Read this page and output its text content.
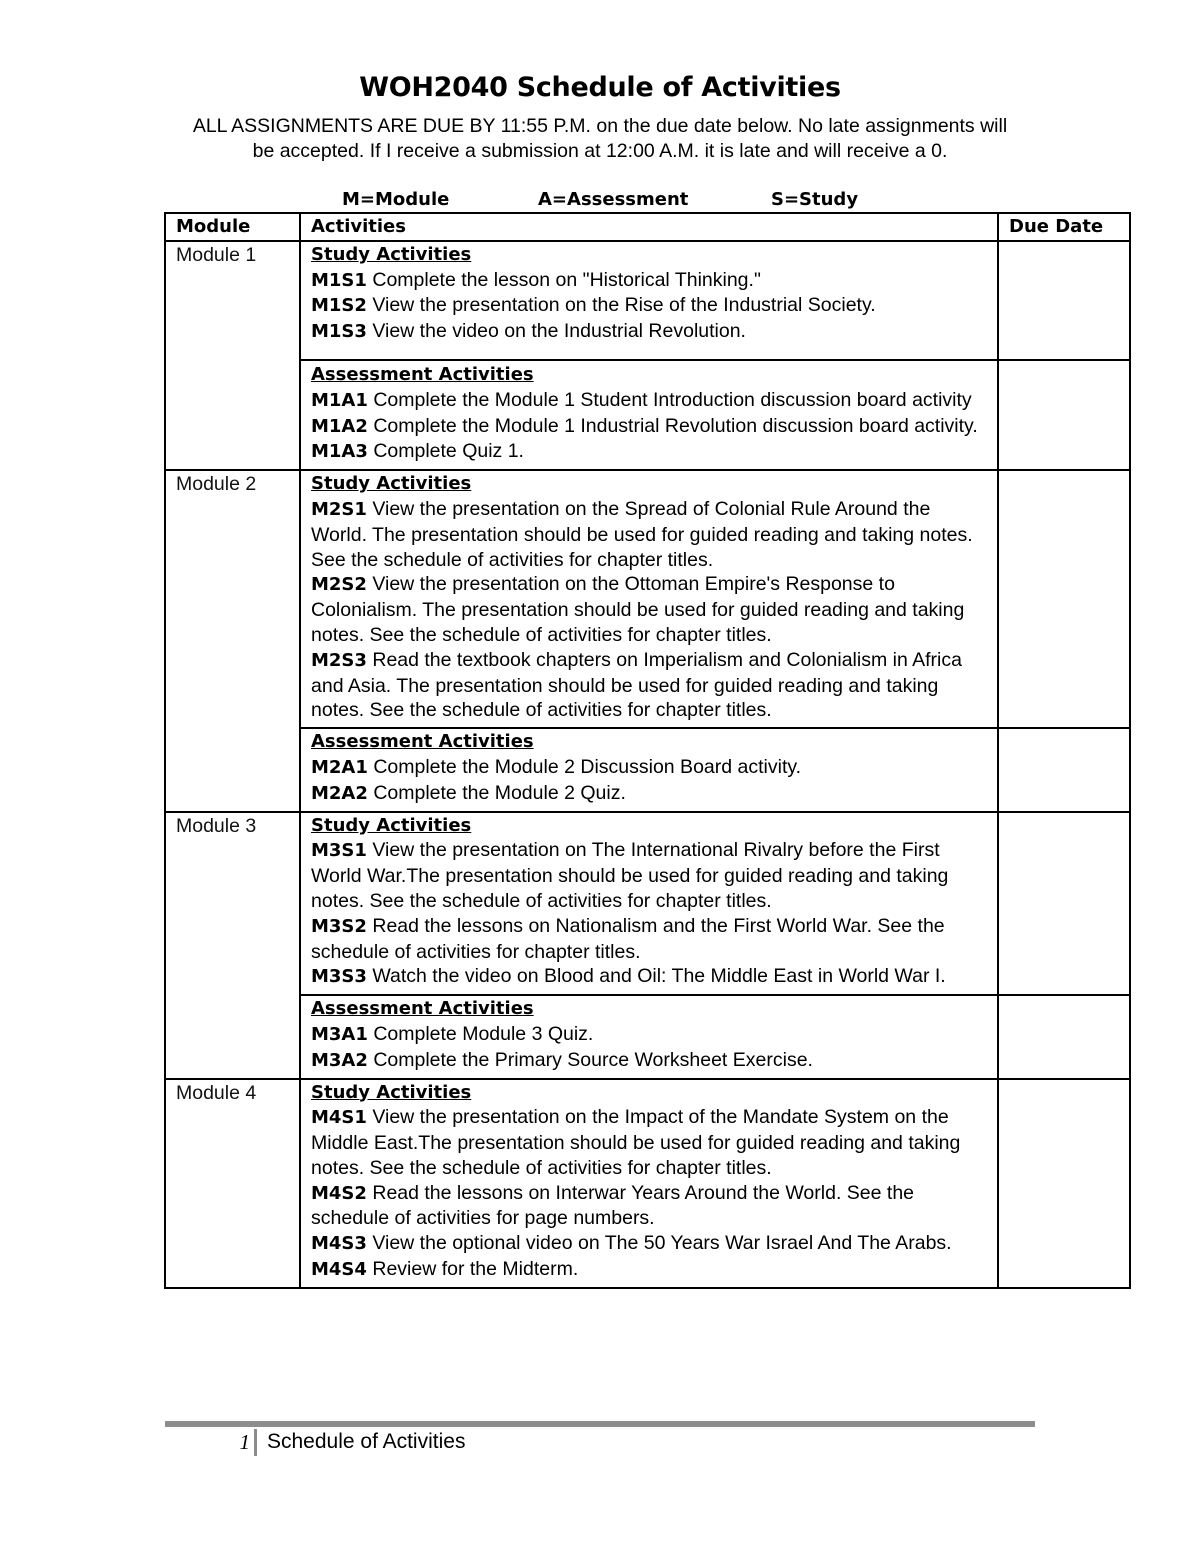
WOH2040 Schedule of Activities
ALL ASSIGNMENTS ARE DUE BY 11:55 P.M. on the due date below. No late assignments will be accepted. If I receive a submission at 12:00 A.M. it is late and will receive a 0.
M=Module	A=Assessment	S=Study
Module	Activities	Due Date
Module 1	Study Activities
M1S1 Complete the lesson on "Historical Thinking."
M1S2 View the presentation on the Rise of the Industrial Society.
M1S3 View the video on the Industrial Revolution.	

	Assessment Activities
M1A1 Complete the Module 1 Student Introduction discussion board activity
M1A2 Complete the Module 1 Industrial Revolution discussion board activity.
M1A3 Complete Quiz 1.	

Module 2	Study Activities
M2S1 View the presentation on the Spread of Colonial Rule Around the World. The presentation should be used for guided reading and taking notes. See the schedule of activities for chapter titles.
M2S2 View the presentation on the Ottoman Empire's Response to Colonialism. The presentation should be used for guided reading and taking notes. See the schedule of activities for chapter titles.
M2S3 Read the textbook chapters on Imperialism and Colonialism in Africa and Asia. The presentation should be used for guided reading and taking notes. See the schedule of activities for chapter titles.	

	Assessment Activities
M2A1 Complete the Module 2 Discussion Board activity.
M2A2 Complete the Module 2 Quiz.	

Module 3	Study Activities
M3S1 View the presentation on The International Rivalry before the First World War.The presentation should be used for guided reading and taking notes. See the schedule of activities for chapter titles.
M3S2 Read the lessons on Nationalism and the First World War. See the schedule of activities for chapter titles.
M3S3 Watch the video on Blood and Oil: The Middle East in World War I.	

	Assessment Activities
M3A1 Complete Module 3 Quiz.
M3A2 Complete the Primary Source Worksheet Exercise.	

Module 4	Study Activities
M4S1 View the presentation on the Impact of the Mandate System on the Middle East.The presentation should be used for guided reading and taking notes. See the schedule of activities for chapter titles.
M4S2 Read the lessons on Interwar Years Around the World. See the schedule of activities for page numbers.
M4S3 View the optional video on The 50 Years War Israel And The Arabs.
M4S4 Review for the Midterm.	

1 Schedule of Activities
